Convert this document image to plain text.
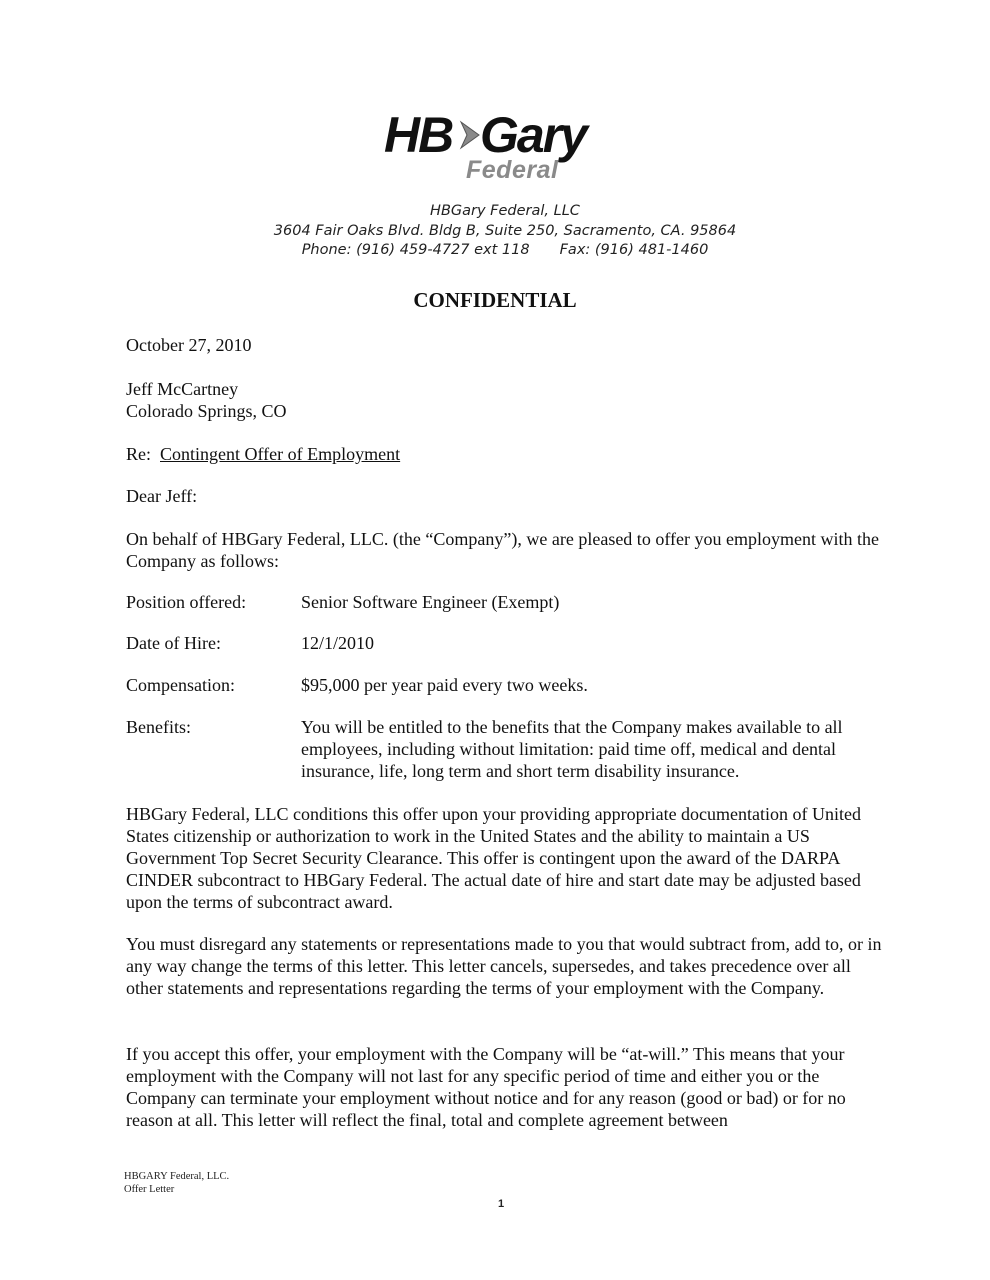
HB Gary
Federal
HBGary Federal, LLC
3604 Fair Oaks Blvd. Bldg B, Suite 250, Sacramento, CA. 95864
Phone: (916) 459-4727 ext 118 Fax: (916) 481-1460
CONFIDENTIAL
October 27, 2010
Jeff McCartney
Colorado Springs, CO
Re: Contingent Offer of Employment
Dear Jeff:
On behalf of HBGary Federal, LLC. (the “Company”), we are pleased to offer you employment with the Company as follows:
Position offered:	Senior Software Engineer (Exempt)
Date of Hire:	12/1/2010
Compensation:	$95,000 per year paid every two weeks.
Benefits:	You will be entitled to the benefits that the Company makes available to all employees, including without limitation: paid time off, medical and dental insurance, life, long term and short term disability insurance.
HBGary Federal, LLC conditions this offer upon your providing appropriate documentation of United States citizenship or authorization to work in the United States and the ability to maintain a US Government Top Secret Security Clearance. This offer is contingent upon the award of the DARPA CINDER subcontract to HBGary Federal. The actual date of hire and start date may be adjusted based upon the terms of subcontract award.
You must disregard any statements or representations made to you that would subtract from, add to, or in any way change the terms of this letter. This letter cancels, supersedes, and takes precedence over all other statements and representations regarding the terms of your employment with the Company.
If you accept this offer, your employment with the Company will be “at-will.” This means that your employment with the Company will not last for any specific period of time and either you or the Company can terminate your employment without notice and for any reason (good or bad) or for no reason at all. This letter will reflect the final, total and complete agreement between
HBGARY Federal, LLC.
Offer Letter
1
